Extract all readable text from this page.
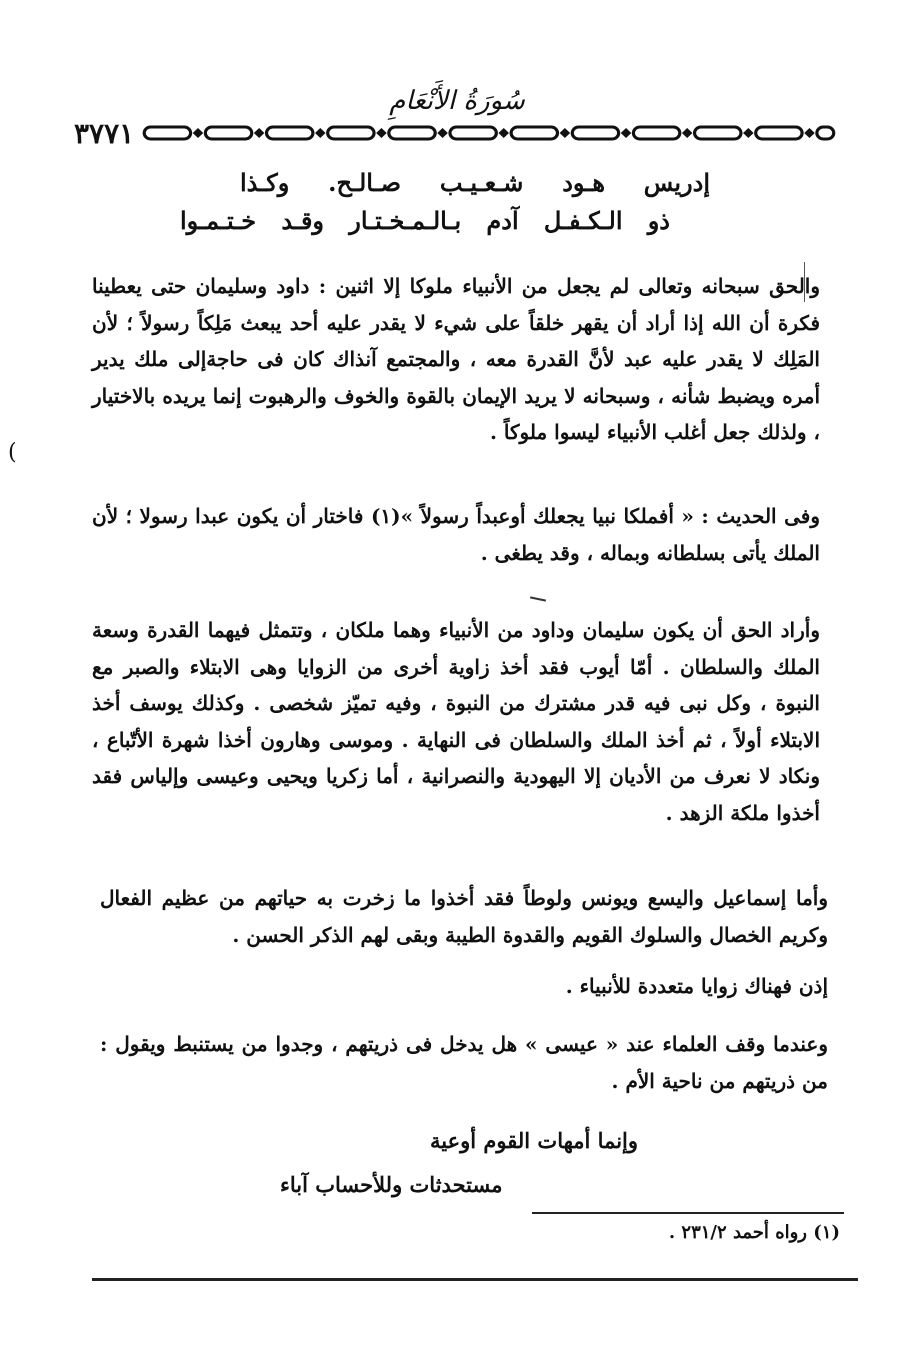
سُورَةُ الأَنْعَامِ
٣٧٧١
إدريس هـود شـعـيـب صـالـح. وكـذا
ذو الـكـفـل آدم بـالـمـخـتـار وقـد خـتـمـوا
والحق سبحانه وتعالى لم يجعل من الأنبياء ملوكا إلا اثنين : داود وسليمان حتى يعطينا فكرة أن الله إذا أراد أن يقهر خلقاً على شيء لا يقدر عليه أحد يبعث مَلِكاً رسولاً ؛ لأن المَلِك لا يقدر عليه عبد لأنَّ القدرة معه ، والمجتمع آنذاك كان فى حاجةإلى ملك يدير أمره ويضبط شأنه ، وسبحانه لا يريد الإيمان بالقوة والخوف والرهبوت إنما يريده بالاختيار ، ولذلك جعل أغلب الأنبياء ليسوا ملوكاً .
وفى الحديث : « أفملكا نبيا يجعلك أوعبداً رسولاً »(١) فاختار أن يكون عبدا رسولا ؛ لأن الملك يأتى بسلطانه وبماله ، وقد يطغى .
وأراد الحق أن يكون سليمان وداود من الأنبياء وهما ملكان ، وتتمثل فيهما القدرة وسعة الملك والسلطان . أمّا أيوب فقد أخذ زاوية أخرى من الزوايا وهى الابتلاء والصبر مع النبوة ، وكل نبى فيه قدر مشترك من النبوة ، وفيه تميّز شخصى . وكذلك يوسف أخذ الابتلاء أولاً ، ثم أخذ الملك والسلطان فى النهاية . وموسى وهارون أخذا شهرة الأتّباع ، ونكاد لا نعرف من الأديان إلا اليهودية والنصرانية ، أما زكريا ويحيى وعيسى وإلياس فقد أخذوا ملكة الزهد .
وأما إسماعيل واليسع ويونس ولوطاً فقد أخذوا ما زخرت به حياتهم من عظيم الفعال وكريم الخصال والسلوك القويم والقدوة الطيبة وبقى لهم الذكر الحسن .
إذن فهناك زوايا متعددة للأنبياء .
وعندما وقف العلماء عند « عيسى » هل يدخل فى ذريتهم ، وجدوا من يستنبط ويقول : من ذريتهم من ناحية الأم .
وإنما أمهات القوم أوعية
مستحدثات وللأحساب آباء
(١) رواه أحمد ٢٣١/٢ .
(
